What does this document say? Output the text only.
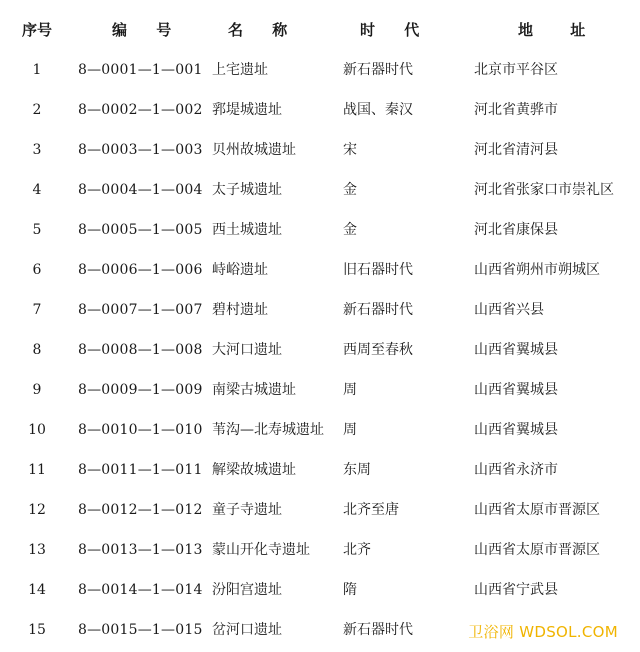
序号	编 号	名 称	时 代	地 址
1	8—0001—1—001 上宅遗址	新石器时代	北京市平谷区
2	8—0002—1—002 郛堤城遗址	战国、秦汉	河北省黄骅市
3	8—0003—1—003 贝州故城遗址	宋	河北省清河县
4	8—0004—1—004 太子城遗址	金	河北省张家口市崇礼区
5	8—0005—1—005 西土城遗址	金	河北省康保县
6	8—0006—1—006 峙峪遗址	旧石器时代	山西省朔州市朔城区
7	8—0007—1—007 碧村遗址	新石器时代	山西省兴县
8	8—0008—1—008 大河口遗址	西周至春秋	山西省翼城县
9	8—0009—1—009 南梁古城遗址	周	山西省翼城县
10	8—0010—1—010 苇沟—北寿城遗址	周	山西省翼城县
11	8—0011—1—011 解梁故城遗址	东周	山西省永济市
12	8—0012—1—012 童子寺遗址	北齐至唐	山西省太原市晋源区
13	8—0013—1—013 蒙山开化寺遗址	北齐	山西省太原市晋源区
14	8—0014—1—014 汾阳宫遗址	隋	山西省宁武县
15	8—0015—1—015 岔河口遗址	新石器时代	卫浴网 WDSOL.COM
